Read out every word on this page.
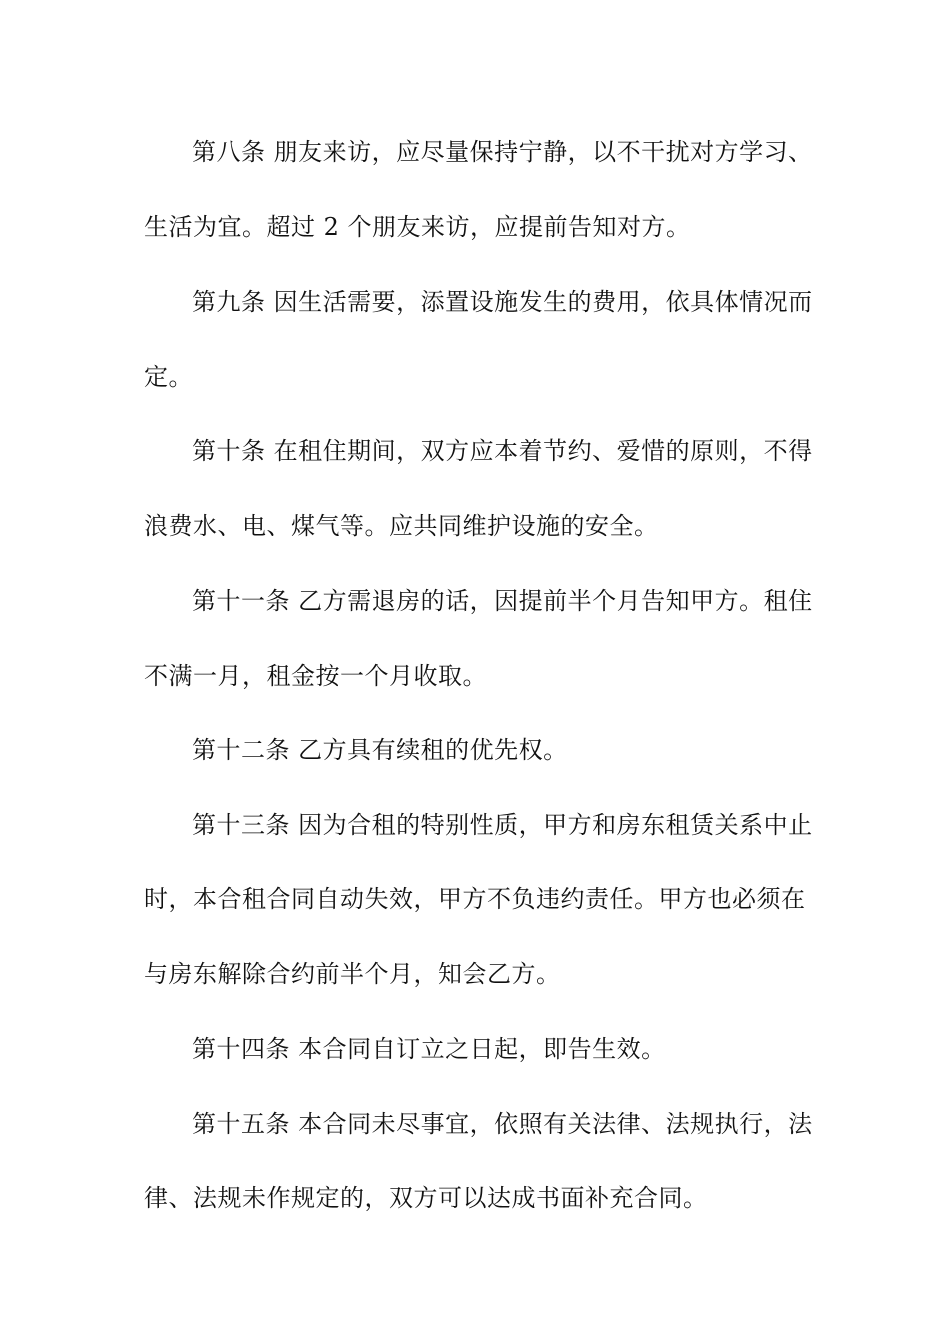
第八条 朋友来访，应尽量保持宁静，以不干扰对方学习、
生活为宜。超过 2 个朋友来访，应提前告知对方。
第九条 因生活需要，添置设施发生的费用，依具体情况而
定。
第十条 在租住期间，双方应本着节约、爱惜的原则，不得
浪费水、电、煤气等。应共同维护设施的安全。
第十一条 乙方需退房的话，因提前半个月告知甲方。租住
不满一月，租金按一个月收取。
第十二条 乙方具有续租的优先权。
第十三条 因为合租的特别性质，甲方和房东租赁关系中止
时，本合租合同自动失效，甲方不负违约责任。甲方也必须在
与房东解除合约前半个月，知会乙方。
第十四条 本合同自订立之日起，即告生效。
第十五条 本合同未尽事宜，依照有关法律、法规执行，法
律、法规未作规定的，双方可以达成书面补充合同。
